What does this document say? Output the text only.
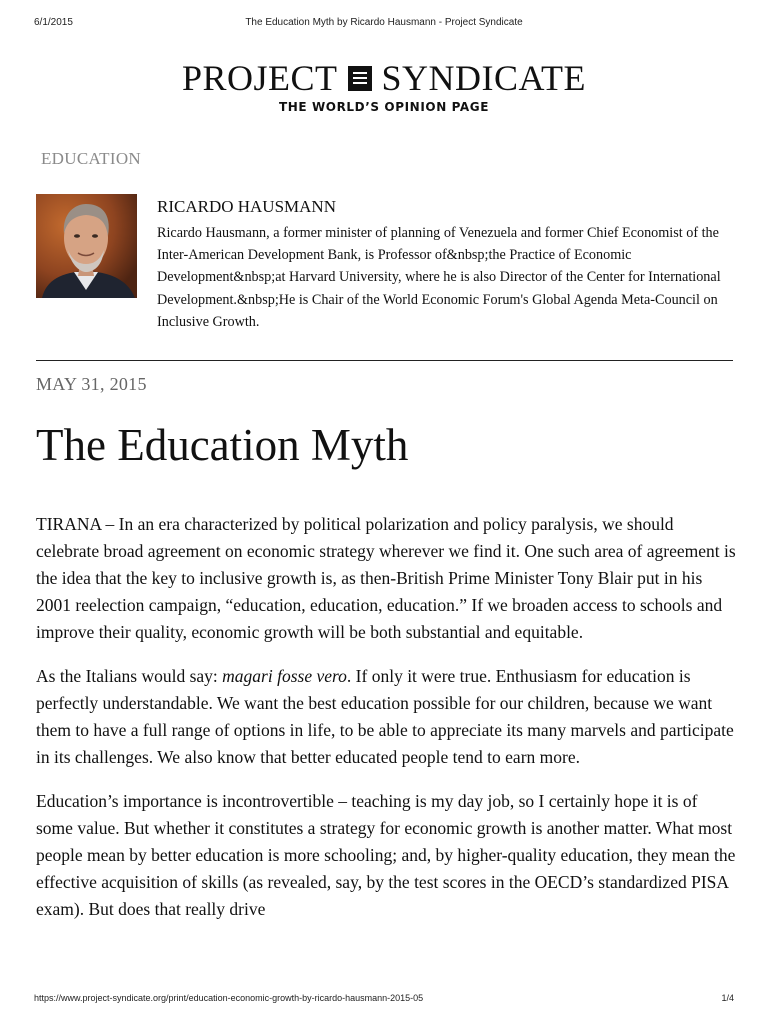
6/1/2015	The Education Myth by Ricardo Hausmann - Project Syndicate
PROJECT SYNDICATE
THE WORLD’S OPINION PAGE
EDUCATION
RICARDO HAUSMANN
Ricardo Hausmann, a former minister of planning of Venezuela and former Chief Economist of the Inter-American Development Bank, is Professor of&nbsp;the Practice of Economic Development&nbsp;at Harvard University, where he is also Director of the Center for International Development.&nbsp;He is Chair of the World Economic Forum's Global Agenda Meta-Council on Inclusive Growth.
MAY 31, 2015
The Education Myth

TIRANA – In an era characterized by political polarization and policy paralysis, we should celebrate broad agreement on economic strategy wherever we find it. One such area of agreement is the idea that the key to inclusive growth is, as then-British Prime Minister Tony Blair put in his 2001 reelection campaign, “education, education, education.” If we broaden access to schools and improve their quality, economic growth will be both substantial and equitable.

As the Italians would say: magari fosse vero. If only it were true. Enthusiasm for education is perfectly understandable. We want the best education possible for our children, because we want them to have a full range of options in life, to be able to appreciate its many marvels and participate in its challenges. We also know that better educated people tend to earn more.

Education’s importance is incontrovertible – teaching is my day job, so I certainly hope it is of some value. But whether it constitutes a strategy for economic growth is another matter. What most people mean by better education is more schooling; and, by higher-quality education, they mean the effective acquisition of skills (as revealed, say, by the test scores in the OECD’s standardized PISA exam). But does that really drive

https://www.project-syndicate.org/print/education-economic-growth-by-ricardo-hausmann-2015-05	1/4
